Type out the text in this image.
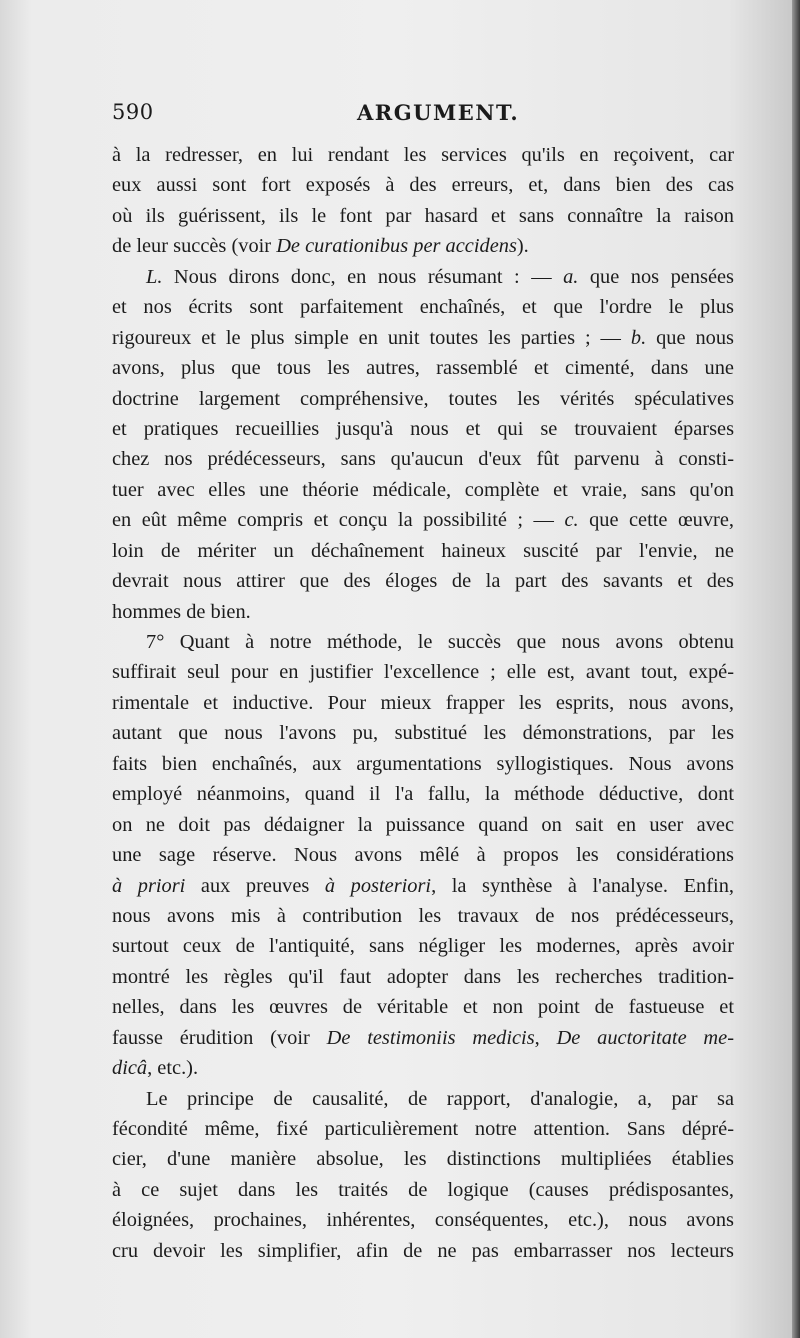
590	ARGUMENT.
à la redresser, en lui rendant les services qu'ils en reçoivent, car
eux aussi sont fort exposés à des erreurs, et, dans bien des cas
où ils guérissent, ils le font par hasard et sans connaître la raison
de leur succès (voir De curationibus per accidens).
L. Nous dirons donc, en nous résumant : — a. que nos pensées
et nos écrits sont parfaitement enchaînés, et que l'ordre le plus
rigoureux et le plus simple en unit toutes les parties ; — b. que nous
avons, plus que tous les autres, rassemblé et cimenté, dans une
doctrine largement compréhensive, toutes les vérités spéculatives
et pratiques recueillies jusqu'à nous et qui se trouvaient éparses
chez nos prédécesseurs, sans qu'aucun d'eux fût parvenu à consti-
tuer avec elles une théorie médicale, complète et vraie, sans qu'on
en eût même compris et conçu la possibilité ; — c. que cette œuvre,
loin de mériter un déchaînement haineux suscité par l'envie, ne
devrait nous attirer que des éloges de la part des savants et des
hommes de bien.
7° Quant à notre méthode, le succès que nous avons obtenu
suffirait seul pour en justifier l'excellence ; elle est, avant tout, expé-
rimentale et inductive. Pour mieux frapper les esprits, nous avons,
autant que nous l'avons pu, substitué les démonstrations, par les
faits bien enchaînés, aux argumentations syllogistiques. Nous avons
employé néanmoins, quand il l'a fallu, la méthode déductive, dont
on ne doit pas dédaigner la puissance quand on sait en user avec
une sage réserve. Nous avons mêlé à propos les considérations
à priori aux preuves à posteriori, la synthèse à l'analyse. Enfin,
nous avons mis à contribution les travaux de nos prédécesseurs,
surtout ceux de l'antiquité, sans négliger les modernes, après avoir
montré les règles qu'il faut adopter dans les recherches tradition-
nelles, dans les œuvres de véritable et non point de fastueuse et
fausse érudition (voir De testimoniis medicis, De auctoritate me-
dicâ, etc.).
Le principe de causalité, de rapport, d'analogie, a, par sa
fécondité même, fixé particulièrement notre attention. Sans dépré-
cier, d'une manière absolue, les distinctions multipliées établies
à ce sujet dans les traités de logique (causes prédisposantes,
éloignées, prochaines, inhérentes, conséquentes, etc.), nous avons
cru devoir les simplifier, afin de ne pas embarrasser nos lecteurs
